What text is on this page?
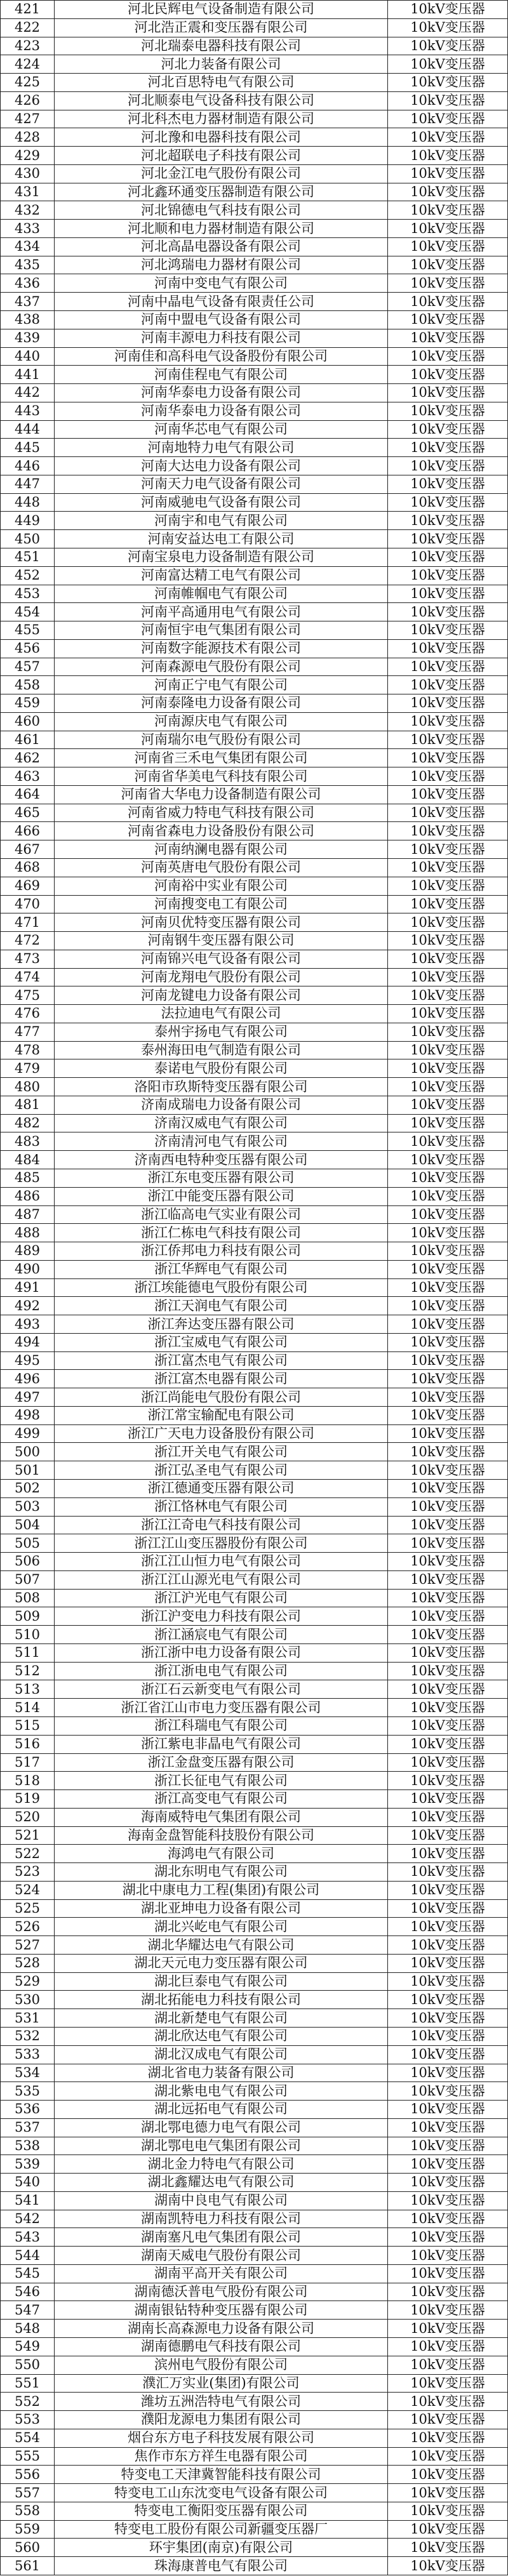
421	河北民辉电气设备制造有限公司	10kV变压器
422	河北浩正震和变压器有限公司	10kV变压器
423	河北瑞泰电器科技有限公司	10kV变压器
424	河北力装备有限公司	10kV变压器
425	河北百思特电气有限公司	10kV变压器
426	河北顺泰电气设备科技有限公司	10kV变压器
427	河北科杰电力器材制造有限公司	10kV变压器
428	河北豫和电器科技有限公司	10kV变压器
429	河北超联电子科技有限公司	10kV变压器
430	河北金江电气股份有限公司	10kV变压器
431	河北鑫环通变压器制造有限公司	10kV变压器
432	河北锦德电气科技有限公司	10kV变压器
433	河北顺和电力器材制造有限公司	10kV变压器
434	河北高晶电器设备有限公司	10kV变压器
435	河北鸿瑞电力器材有限公司	10kV变压器
436	河南中变电气有限公司	10kV变压器
437	河南中晶电气设备有限责任公司	10kV变压器
438	河南中盟电气设备有限公司	10kV变压器
439	河南丰源电力科技有限公司	10kV变压器
440	河南佳和高科电气设备股份有限公司	10kV变压器
441	河南佳程电气有限公司	10kV变压器
442	河南华泰电力设备有限公司	10kV变压器
443	河南华泰电力设备有限公司	10kV变压器
444	河南华芯电气有限公司	10kV变压器
445	河南地特力电气有限公司	10kV变压器
446	河南大达电力设备有限公司	10kV变压器
447	河南天力电气设备有限公司	10kV变压器
448	河南威驰电气设备有限公司	10kV变压器
449	河南宇和电气有限公司	10kV变压器
450	河南安益达电工有限公司	10kV变压器
451	河南宝泉电力设备制造有限公司	10kV变压器
452	河南富达精工电气有限公司	10kV变压器
453	河南帷帼电气有限公司	10kV变压器
454	河南平高通用电气有限公司	10kV变压器
455	河南恒宇电气集团有限公司	10kV变压器
456	河南数字能源技术有限公司	10kV变压器
457	河南森源电气股份有限公司	10kV变压器
458	河南正宁电气有限公司	10kV变压器
459	河南泰隆电力设备有限公司	10kV变压器
460	河南源庆电气有限公司	10kV变压器
461	河南瑞尔电气股份有限公司	10kV变压器
462	河南省三禾电气集团有限公司	10kV变压器
463	河南省华美电气科技有限公司	10kV变压器
464	河南省大华电力设备制造有限公司	10kV变压器
465	河南省威力特电气科技有限公司	10kV变压器
466	河南省森电力设备股份有限公司	10kV变压器
467	河南纳澜电器有限公司	10kV变压器
468	河南英唐电气股份有限公司	10kV变压器
469	河南裕中实业有限公司	10kV变压器
470	河南搜变电工有限公司	10kV变压器
471	河南贝优特变压器有限公司	10kV变压器
472	河南钢牛变压器有限公司	10kV变压器
473	河南锦兴电气设备有限公司	10kV变压器
474	河南龙翔电气股份有限公司	10kV变压器
475	河南龙键电力设备有限公司	10kV变压器
476	法拉迪电气有限公司	10kV变压器
477	泰州宇扬电气有限公司	10kV变压器
478	泰州海田电气制造有限公司	10kV变压器
479	泰诺电气股份有限公司	10kV变压器
480	洛阳市玖斯特变压器有限公司	10kV变压器
481	济南成瑞电力设备有限公司	10kV变压器
482	济南汉威电气有限公司	10kV变压器
483	济南清河电气有限公司	10kV变压器
484	济南西电特种变压器有限公司	10kV变压器
485	浙江东电变压器有限公司	10kV变压器
486	浙江中能变压器有限公司	10kV变压器
487	浙江临高电气实业有限公司	10kV变压器
488	浙江仁栋电气科技有限公司	10kV变压器
489	浙江侨邦电力科技有限公司	10kV变压器
490	浙江华辉电气有限公司	10kV变压器
491	浙江埃能德电气股份有限公司	10kV变压器
492	浙江天润电气有限公司	10kV变压器
493	浙江奔达变压器有限公司	10kV变压器
494	浙江宝威电气有限公司	10kV变压器
495	浙江富杰电气有限公司	10kV变压器
496	浙江富杰电器有限公司	10kV变压器
497	浙江尚能电气股份有限公司	10kV变压器
498	浙江常宝输配电有限公司	10kV变压器
499	浙江广天电力设备股份有限公司	10kV变压器
500	浙江开关电气有限公司	10kV变压器
501	浙江弘圣电气有限公司	10kV变压器
502	浙江德通变压器有限公司	10kV变压器
503	浙江恪林电气有限公司	10kV变压器
504	浙江江奇电气科技有限公司	10kV变压器
505	浙江江山变压器股份有限公司	10kV变压器
506	浙江江山恒力电气有限公司	10kV变压器
507	浙江江山源光电气有限公司	10kV变压器
508	浙江沪光电气有限公司	10kV变压器
509	浙江沪变电力科技有限公司	10kV变压器
510	浙江涵宸电气有限公司	10kV变压器
511	浙江浙中电力设备有限公司	10kV变压器
512	浙江浙电电气有限公司	10kV变压器
513	浙江石云新变电气有限公司	10kV变压器
514	浙江省江山市电力变压器有限公司	10kV变压器
515	浙江科瑞电气有限公司	10kV变压器
516	浙江紫电非晶电气有限公司	10kV变压器
517	浙江金盘变压器有限公司	10kV变压器
518	浙江长征电气有限公司	10kV变压器
519	浙江高变电气有限公司	10kV变压器
520	海南威特电气集团有限公司	10kV变压器
521	海南金盘智能科技股份有限公司	10kV变压器
522	海鸿电气有限公司	10kV变压器
523	湖北东明电气有限公司	10kV变压器
524	湖北中康电力工程(集团)有限公司	10kV变压器
525	湖北亚坤电力设备有限公司	10kV变压器
526	湖北兴屹电气有限公司	10kV变压器
527	湖北华耀达电气有限公司	10kV变压器
528	湖北天元电力变压器有限公司	10kV变压器
529	湖北巨泰电气有限公司	10kV变压器
530	湖北拓能电力科技有限公司	10kV变压器
531	湖北新楚电气有限公司	10kV变压器
532	湖北欣达电气有限公司	10kV变压器
533	湖北汉成电气有限公司	10kV变压器
534	湖北省电力装备有限公司	10kV变压器
535	湖北紫电电气有限公司	10kV变压器
536	湖北远拓电气有限公司	10kV变压器
537	湖北鄂电德力电气有限公司	10kV变压器
538	湖北鄂电电气集团有限公司	10kV变压器
539	湖北金力特电气有限公司	10kV变压器
540	湖北鑫耀达电气有限公司	10kV变压器
541	湖南中良电气有限公司	10kV变压器
542	湖南凯特电力科技有限公司	10kV变压器
543	湖南塞凡电气集团有限公司	10kV变压器
544	湖南天威电气股份有限公司	10kV变压器
545	湖南平高开关有限公司	10kV变压器
546	湖南德沃普电气股份有限公司	10kV变压器
547	湖南银钻特种变压器有限公司	10kV变压器
548	湖南长高森源电力设备有限公司	10kV变压器
549	湖南德鹏电气科技有限公司	10kV变压器
550	滨州电气股份有限公司	10kV变压器
551	濮汇万实业(集团)有限公司	10kV变压器
552	潍坊五洲浩特电气有限公司	10kV变压器
553	濮阳龙源电力集团有限公司	10kV变压器
554	烟台东方电子科技发展有限公司	10kV变压器
555	焦作市东方祥生电器有限公司	10kV变压器
556	特变电工天津冀智能科技有限公司	10kV变压器
557	特变电工山东沈变电气设备有限公司	10kV变压器
558	特变电工衡阳变压器有限公司	10kV变压器
559	特变电工股份有限公司新疆变压器厂	10kV变压器
560	环宇集团(南京)有限公司	10kV变压器
561	珠海康普电气有限公司	10kV变压器
